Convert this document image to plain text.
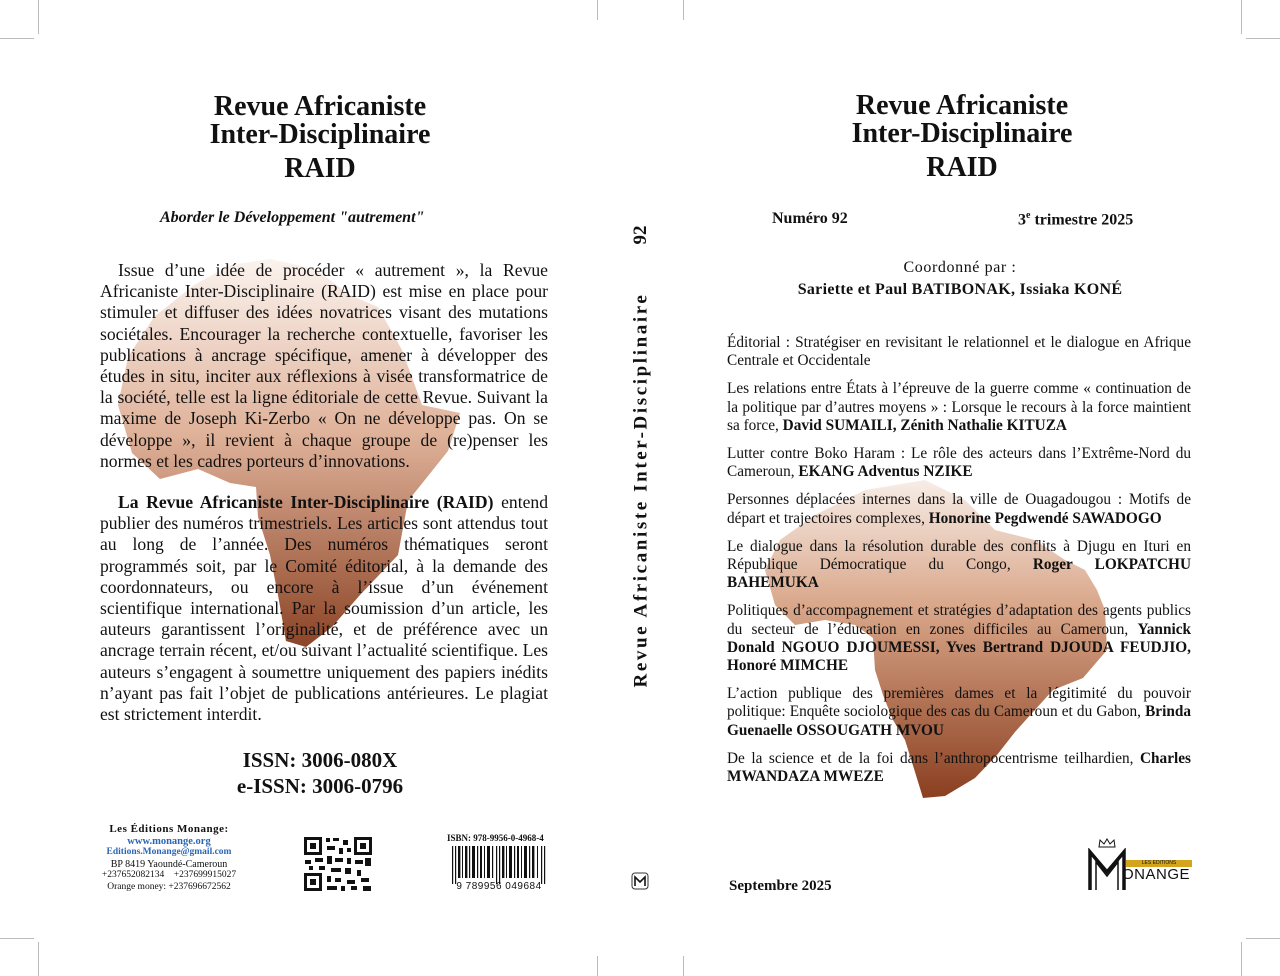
Revue Africaniste
Inter-Disciplinaire
RAID
Aborder le Développement "autrement"

Issue d’une idée de procéder « autrement », la Revue Africaniste Inter-Disciplinaire (RAID) est mise en place pour stimuler et diffuser des idées novatrices visant des mutations sociétales. Encourager la recherche contextuelle, favoriser les publications à ancrage spécifique, amener à développer des études in situ, inciter aux réflexions à visée transformatrice de la société, telle est la ligne éditoriale de cette Revue. Suivant la maxime de Joseph Ki-Zerbo « On ne développe pas. On se développe », il revient à chaque groupe de (re)penser les normes et les cadres porteurs d’innovations.

La Revue Africaniste Inter-Disciplinaire (RAID) entend publier des numéros trimestriels. Les articles sont attendus tout au long de l’année. Des numéros thématiques seront programmés soit, par le Comité éditorial, à la demande des coordonnateurs, ou encore à l’issue d’un événement scientifique international. Par la soumission d’un article, les auteurs garantissent l’originalité, et de préférence avec un ancrage terrain récent, et/ou suivant l’actualité scientifique. Les auteurs s’engagent à soumettre uniquement des papiers inédits n’ayant pas fait l’objet de publications antérieures. Le plagiat est strictement interdit.

ISSN: 3006-080X
e-ISSN: 3006-0796
Les Éditions Monange:
www.monange.org
Editions.Monange@gmail.com
BP 8419 Yaoundé-Cameroun
+237652082134 +237699915027
Orange money: +237696672562
ISBN: 978-9956-0-4968-4
9 789956 049684
92
Revue Africaniste Inter-Disciplinaire
Revue Africaniste
Inter-Disciplinaire
RAID
Numéro 92	3e trimestre 2025
Coordonné par :
Sariette et Paul BATIBONAK, Issiaka KONÉ
Éditorial : Stratégiser en revisitant le relationnel et le dialogue en Afrique Centrale et Occidentale
Les relations entre États à l’épreuve de la guerre comme « continuation de la politique par d’autres moyens » : Lorsque le recours à la force maintient sa force, David SUMAILI, Zénith Nathalie KITUZA
Lutter contre Boko Haram : Le rôle des acteurs dans l’Extrême-Nord du Cameroun, EKANG Adventus NZIKE
Personnes déplacées internes dans la ville de Ouagadougou : Motifs de départ et trajectoires complexes, Honorine Pegdwendé SAWADOGO
Le dialogue dans la résolution durable des conflits à Djugu en Ituri en République Démocratique du Congo, Roger LOKPATCHU BAHEMUKA
Politiques d’accompagnement et stratégies d’adaptation des agents publics du secteur de l’éducation en zones difficiles au Cameroun, Yannick Donald NGOUO DJOUMESSI, Yves Bertrand DJOUDA FEUDJIO, Honoré MIMCHE
L’action publique des premières dames et la légitimité du pouvoir politique: Enquête sociologique des cas du Cameroun et du Gabon, Brinda Guenaelle OSSOUGATH MVOU
De la science et de la foi dans l’anthropocentrisme teilhardien, Charles MWANDAZA MWEZE
Septembre 2025
LES EDITIONS
ONANGE
